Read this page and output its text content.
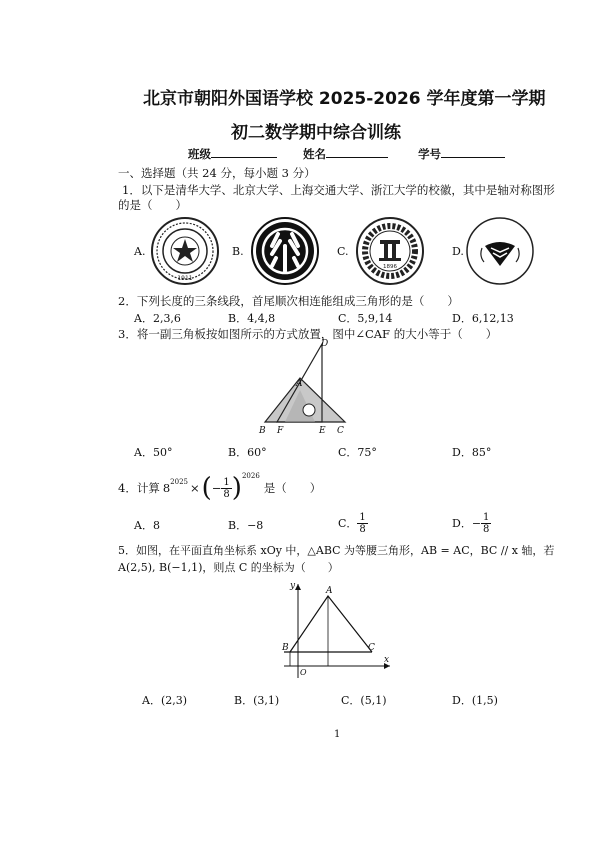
北京市朝阳外国语学校 2025-2026 学年度第一学期
初二数学期中综合训练
班级	姓名	学号
一、选择题（共 24 分，每小题 3 分）
1．以下是清华大学、北京大学、上海交通大学、浙江大学的校徽，其中是轴对称图形
的是（　　）
A.	B.	C.	D.
1911
1896
2．下列长度的三条线段，首尾顺次相连能组成三角形的是（　　）
A．2,3,6	B．4,4,8	C．5,9,14	D．6,12,13
3．将一副三角板按如图所示的方式放置，图中∠CAF 的大小等于（　　）
D
A
B F	E C
A．50°	B．60°	C．75°	D．85°
4．计算 $8^{2025}$ × ( − $\frac{1}{8} )^{2026}$
是（　　）
A．8	B．−8	C． $\frac{1}{8}$	D．− $\frac{1}{8}$
5．如图，在平面直角坐标系 xOy 中，△ABC 为等腰三角形，AB = AC，BC // x 轴，若
A(2,5), B(−1,1)，则点 C 的坐标为（　　）
y	A
B	C
O
x
A．(2,3)	B．(3,1)	C．(5,1)	D．(1,5)
1
